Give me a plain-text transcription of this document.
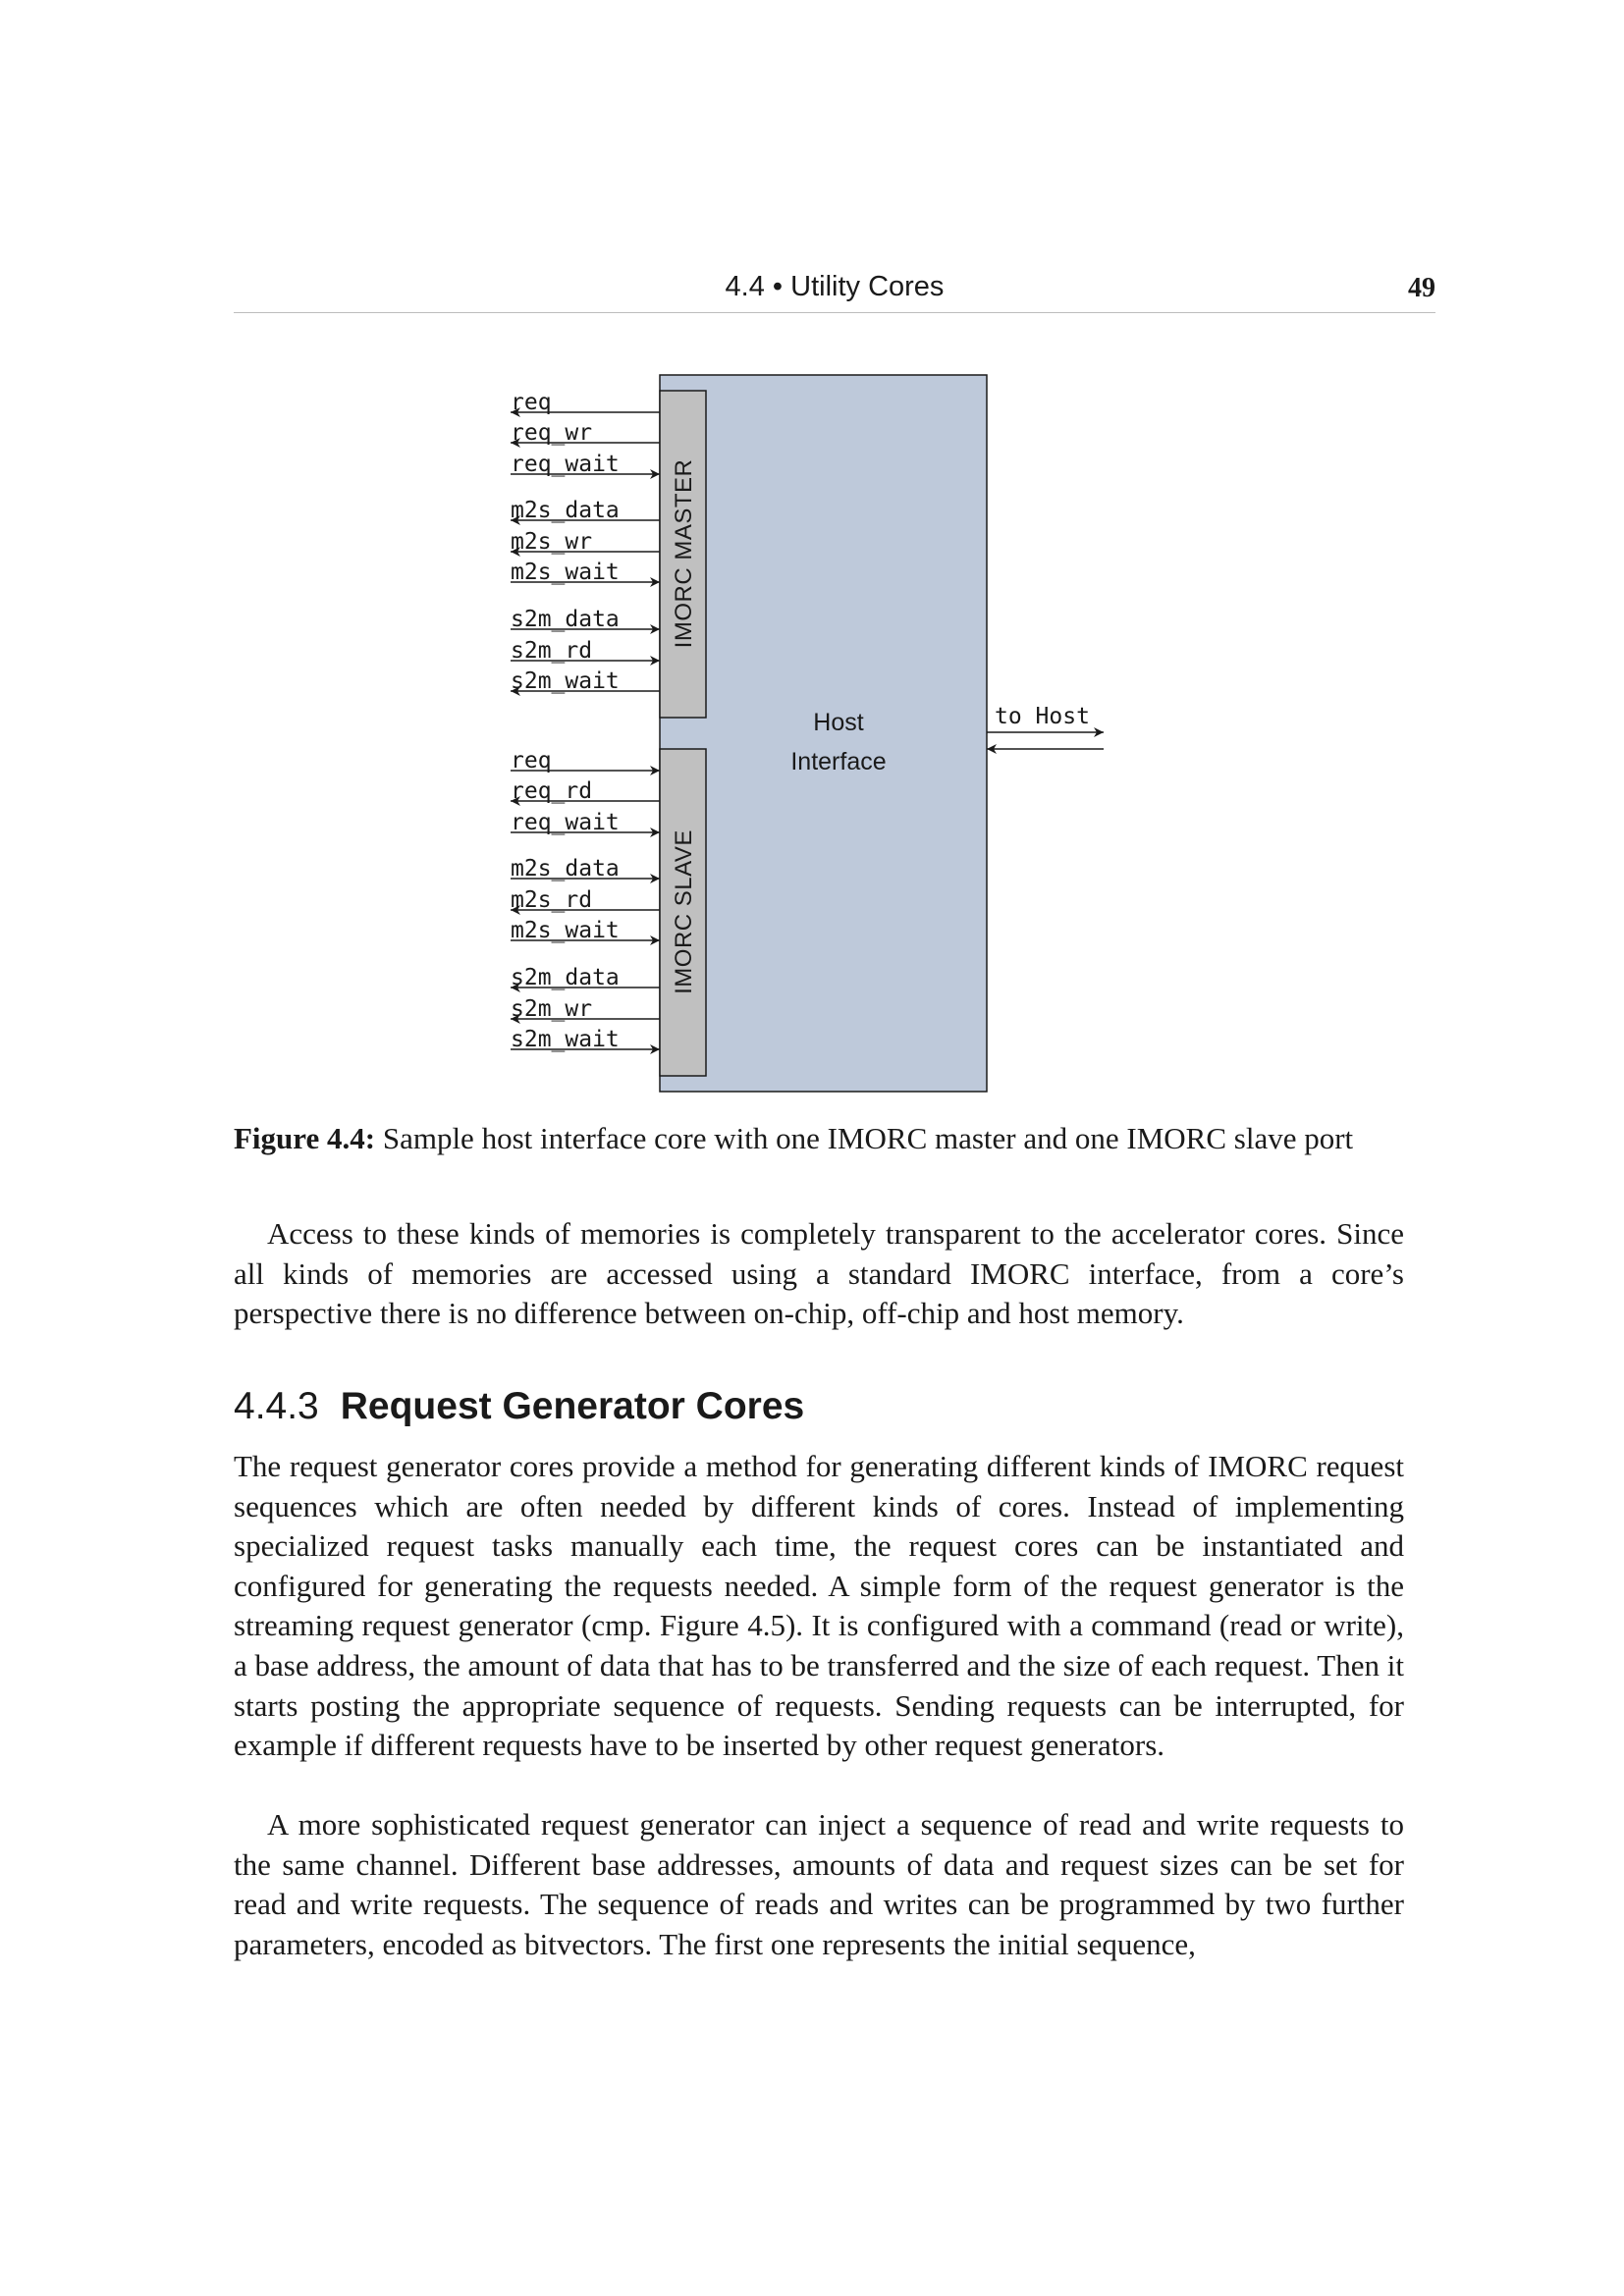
4.4 • Utility Cores	49
IMORC MASTER
IMORC SLAVE
Host
Interface
to Host
req
req_wr
req_wait
m2s_data
m2s_wr
m2s_wait
s2m_data
s2m_rd
s2m_wait
req
req_rd
req_wait
m2s_data
m2s_rd
m2s_wait
s2m_data
s2m_wr
s2m_wait
Figure 4.4: Sample host interface core with one IMORC master and one IMORC slave port

Access to these kinds of memories is completely transparent to the accelerator cores. Since all kinds of memories are accessed using a standard IMORC interface, from a core’s perspective there is no difference between on-chip, off-chip and host memory.

4.4.3 Request Generator Cores

The request generator cores provide a method for generating different kinds of IMORC request sequences which are often needed by different kinds of cores. Instead of implementing specialized request tasks manually each time, the request cores can be instantiated and configured for generating the requests needed. A simple form of the request generator is the streaming request generator (cmp. Figure 4.5). It is configured with a command (read or write), a base address, the amount of data that has to be transferred and the size of each request. Then it starts posting the appropriate sequence of requests. Sending requests can be interrupted, for example if different requests have to be inserted by other request generators.

A more sophisticated request generator can inject a sequence of read and write requests to the same channel. Different base addresses, amounts of data and request sizes can be set for read and write requests. The sequence of reads and writes can be programmed by two further parameters, encoded as bitvectors. The first one represents the initial sequence,
